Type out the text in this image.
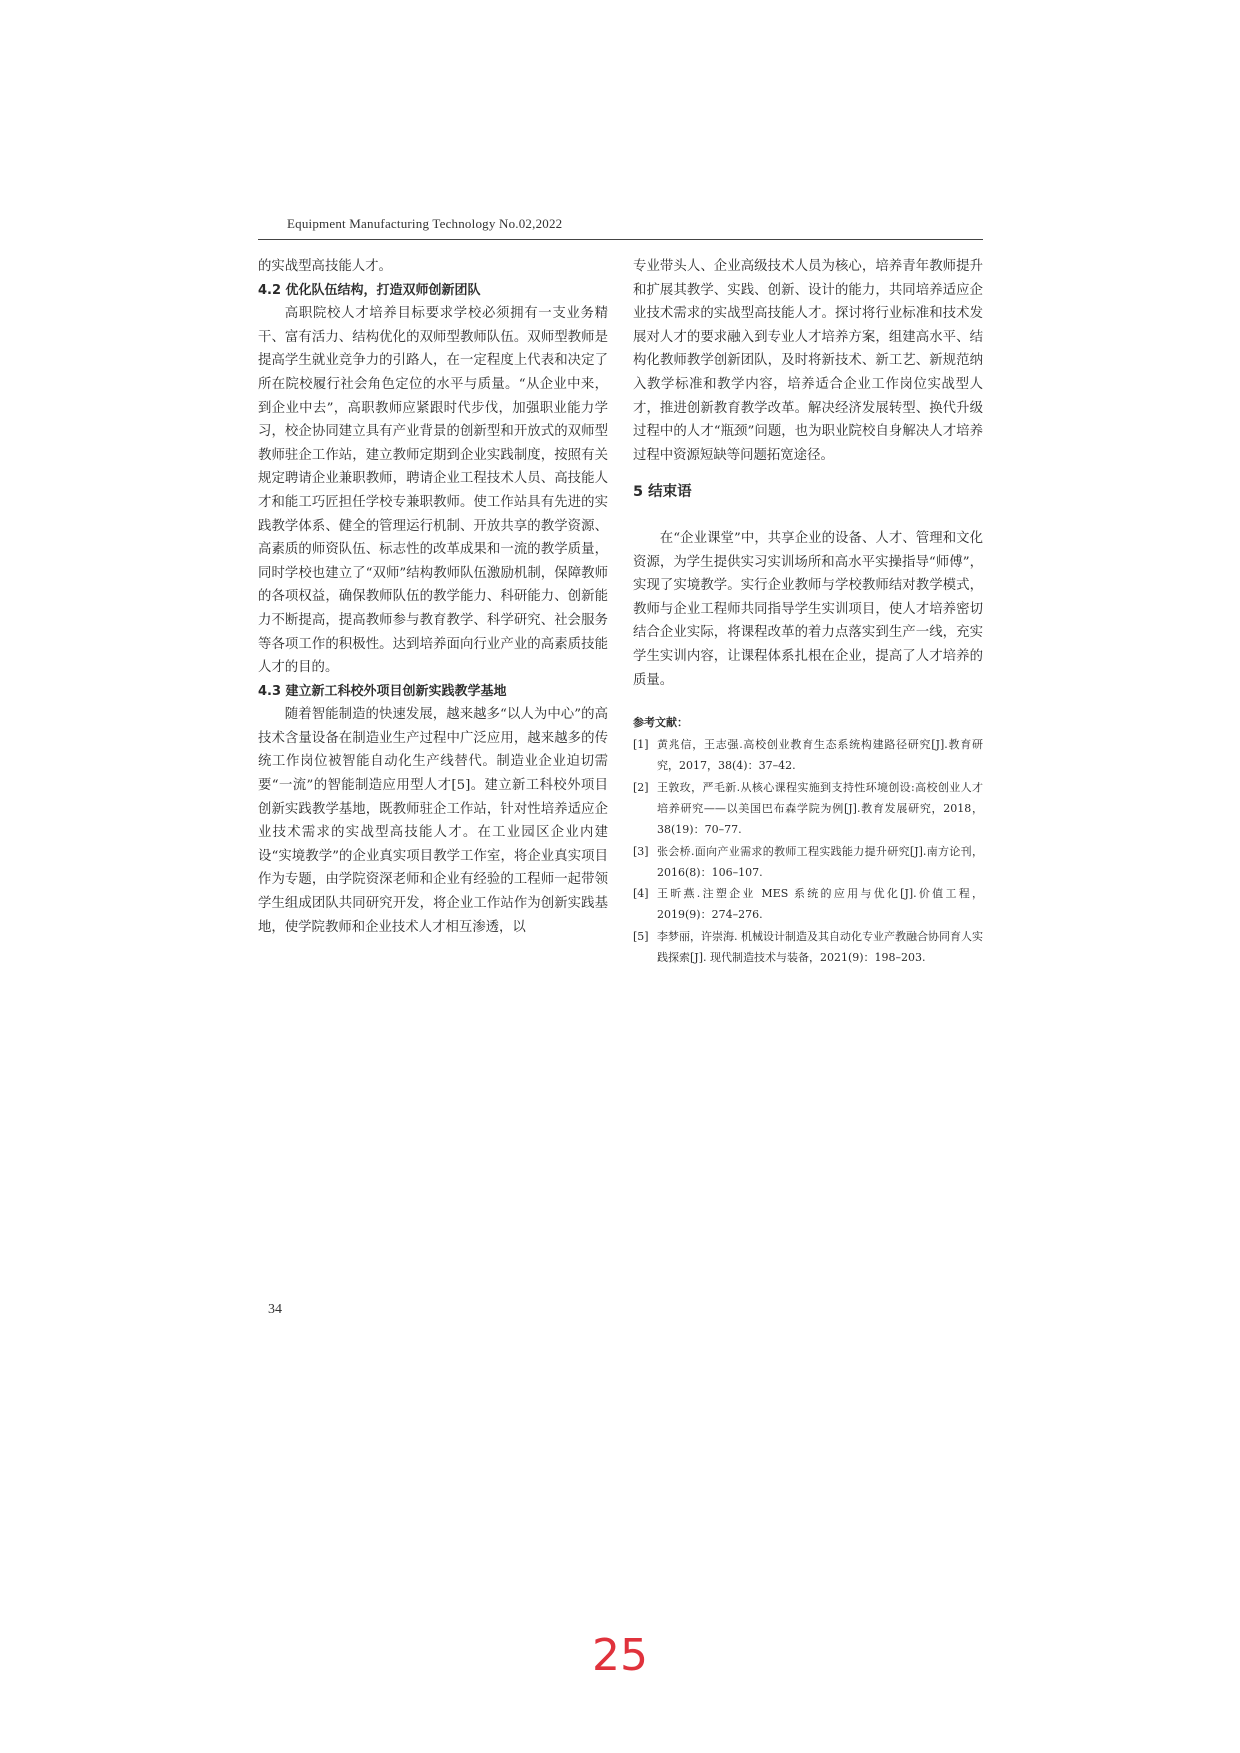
Equipment Manufacturing Technology No.02,2022

的实战型高技能人才。

4.2 优化队伍结构，打造双师创新团队

高职院校人才培养目标要求学校必须拥有一支业务精干、富有活力、结构优化的双师型教师队伍。双师型教师是提高学生就业竞争力的引路人，在一定程度上代表和决定了所在院校履行社会角色定位的水平与质量。“从企业中来，到企业中去”，高职教师应紧跟时代步伐，加强职业能力学习，校企协同建立具有产业背景的创新型和开放式的双师型教师驻企工作站，建立教师定期到企业实践制度，按照有关规定聘请企业兼职教师，聘请企业工程技术人员、高技能人才和能工巧匠担任学校专兼职教师。使工作站具有先进的实践教学体系、健全的管理运行机制、开放共享的教学资源、高素质的师资队伍、标志性的改革成果和一流的教学质量，同时学校也建立了“双师”结构教师队伍激励机制，保障教师的各项权益，确保教师队伍的教学能力、科研能力、创新能力不断提高，提高教师参与教育教学、科学研究、社会服务等各项工作的积极性。达到培养面向行业产业的高素质技能人才的目的。

4.3 建立新工科校外项目创新实践教学基地

随着智能制造的快速发展，越来越多“以人为中心”的高技术含量设备在制造业生产过程中广泛应用，越来越多的传统工作岗位被智能自动化生产线替代。制造业企业迫切需要“一流”的智能制造应用型人才[5]。建立新工科校外项目创新实践教学基地，既教师驻企工作站，针对性培养适应企业技术需求的实战型高技能人才。在工业园区企业内建设“实境教学”的企业真实项目教学工作室，将企业真实项目作为专题，由学院资深老师和企业有经验的工程师一起带领学生组成团队共同研究开发，将企业工作站作为创新实践基地，使学院教师和企业技术人才相互渗透，以

专业带头人、企业高级技术人员为核心，培养青年教师提升和扩展其教学、实践、创新、设计的能力，共同培养适应企业技术需求的实战型高技能人才。探讨将行业标准和技术发展对人才的要求融入到专业人才培养方案，组建高水平、结构化教师教学创新团队，及时将新技术、新工艺、新规范纳入教学标准和教学内容，培养适合企业工作岗位实战型人才，推进创新教育教学改革。解决经济发展转型、换代升级过程中的人才“瓶颈”问题，也为职业院校自身解决人才培养过程中资源短缺等问题拓宽途径。

5 结束语

在“企业课堂”中，共享企业的设备、人才、管理和文化资源，为学生提供实习实训场所和高水平实操指导“师傅”，实现了实境教学。实行企业教师与学校教师结对教学模式，教师与企业工程师共同指导学生实训项目，使人才培养密切结合企业实际，将课程改革的着力点落实到生产一线，充实学生实训内容，让课程体系扎根在企业，提高了人才培养的质量。

参考文献：
[1] 黄兆信，王志强.高校创业教育生态系统构建路径研究[J].教育研究，2017，38(4)：37–42.
[2] 王敦玫，严毛新.从核心课程实施到支持性环境创设:高校创业人才培养研究——以美国巴布森学院为例[J].教育发展研究，2018，38(19)：70–77.
[3] 张会桥.面向产业需求的教师工程实践能力提升研究[J].南方论刊，2016(8)：106–107.
[4] 王昕燕.注塑企业 MES 系统的应用与优化[J].价值工程，2019(9)：274–276.
[5] 李梦丽，许崇海. 机械设计制造及其自动化专业产教融合协同育人实践探索[J]. 现代制造技术与装备，2021(9)：198–203.
34
25
